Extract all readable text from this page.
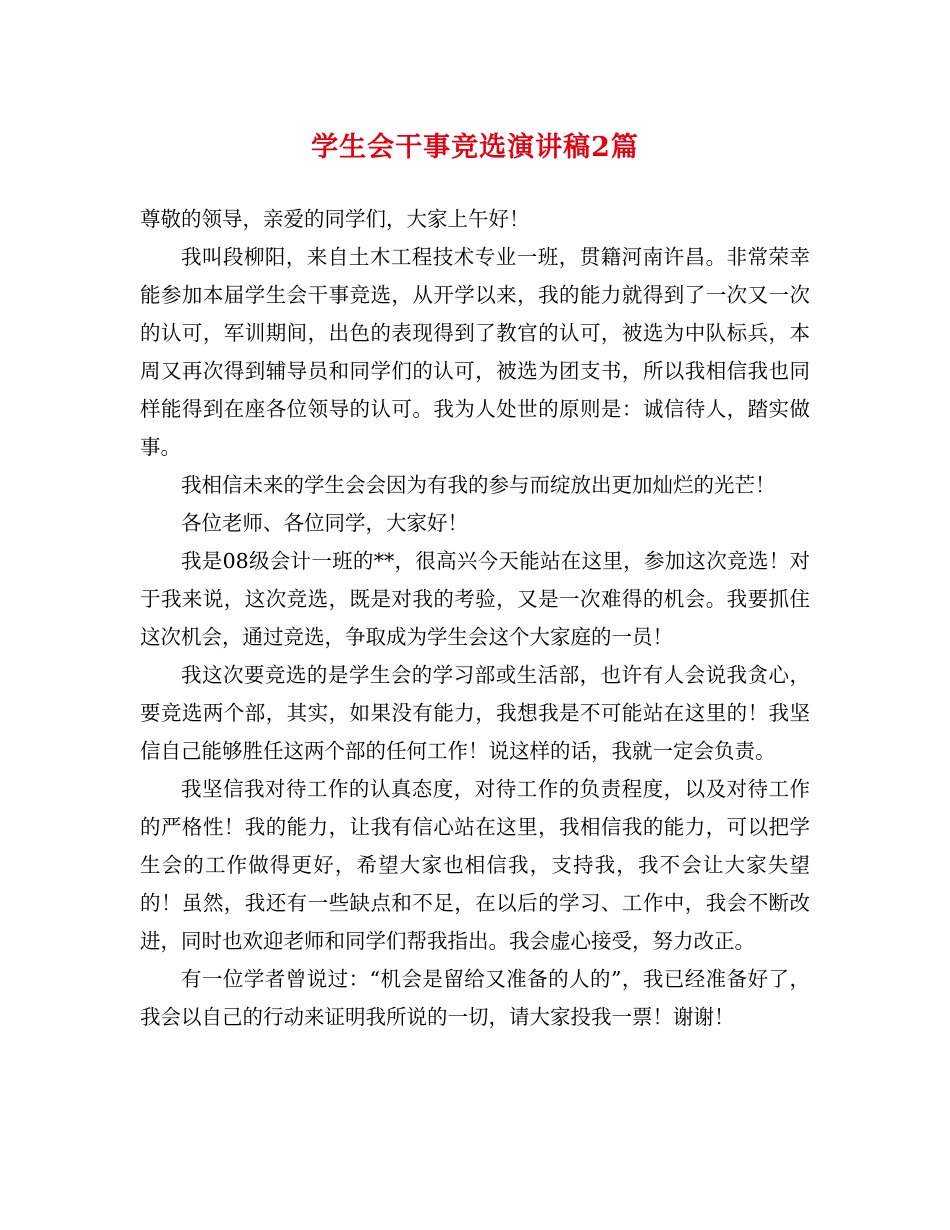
学生会干事竞选演讲稿2篇

尊敬的领导，亲爱的同学们，大家上午好！

我叫段柳阳，来自土木工程技术专业一班，贯籍河南许昌。非常荣幸能参加本届学生会干事竞选，从开学以来，我的能力就得到了一次又一次的认可，军训期间，出色的表现得到了教官的认可，被选为中队标兵，本周又再次得到辅导员和同学们的认可，被选为团支书，所以我相信我也同样能得到在座各位领导的认可。我为人处世的原则是：诚信待人，踏实做事。

我相信未来的学生会会因为有我的参与而绽放出更加灿烂的光芒！

各位老师、各位同学，大家好！

我是08级会计一班的**，很高兴今天能站在这里，参加这次竞选！对于我来说，这次竞选，既是对我的考验，又是一次难得的机会。我要抓住这次机会，通过竞选，争取成为学生会这个大家庭的一员！

我这次要竞选的是学生会的学习部或生活部，也许有人会说我贪心，要竞选两个部，其实，如果没有能力，我想我是不可能站在这里的！我坚信自己能够胜任这两个部的任何工作！说这样的话，我就一定会负责。

我坚信我对待工作的认真态度，对待工作的负责程度，以及对待工作的严格性！我的能力，让我有信心站在这里，我相信我的能力，可以把学生会的工作做得更好，希望大家也相信我，支持我，我不会让大家失望的！虽然，我还有一些缺点和不足，在以后的学习、工作中，我会不断改进，同时也欢迎老师和同学们帮我指出。我会虚心接受，努力改正。

有一位学者曾说过：“机会是留给又准备的人的”，我已经准备好了，我会以自己的行动来证明我所说的一切，请大家投我一票！谢谢！
